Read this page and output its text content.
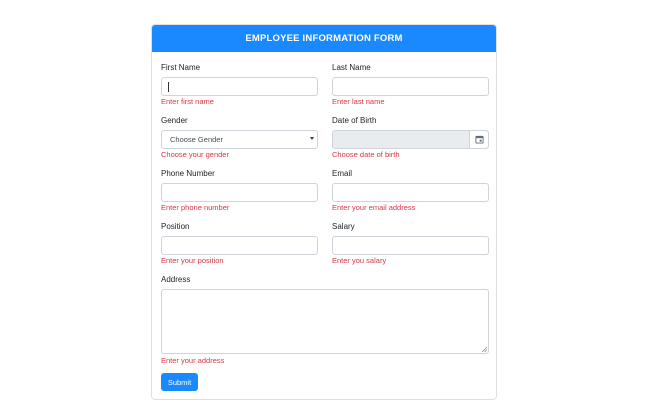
EMPLOYEE INFORMATION FORM
First Name
Enter first name
Last Name
Enter last name
Gender
Choose Gender
Choose your gender
Date of Birth
Choose date of birth
Phone Number
Enter phone number
Email
Enter your email address
Position
Enter your position
Salary
Enter you salary
Address
Enter your address
Submit
